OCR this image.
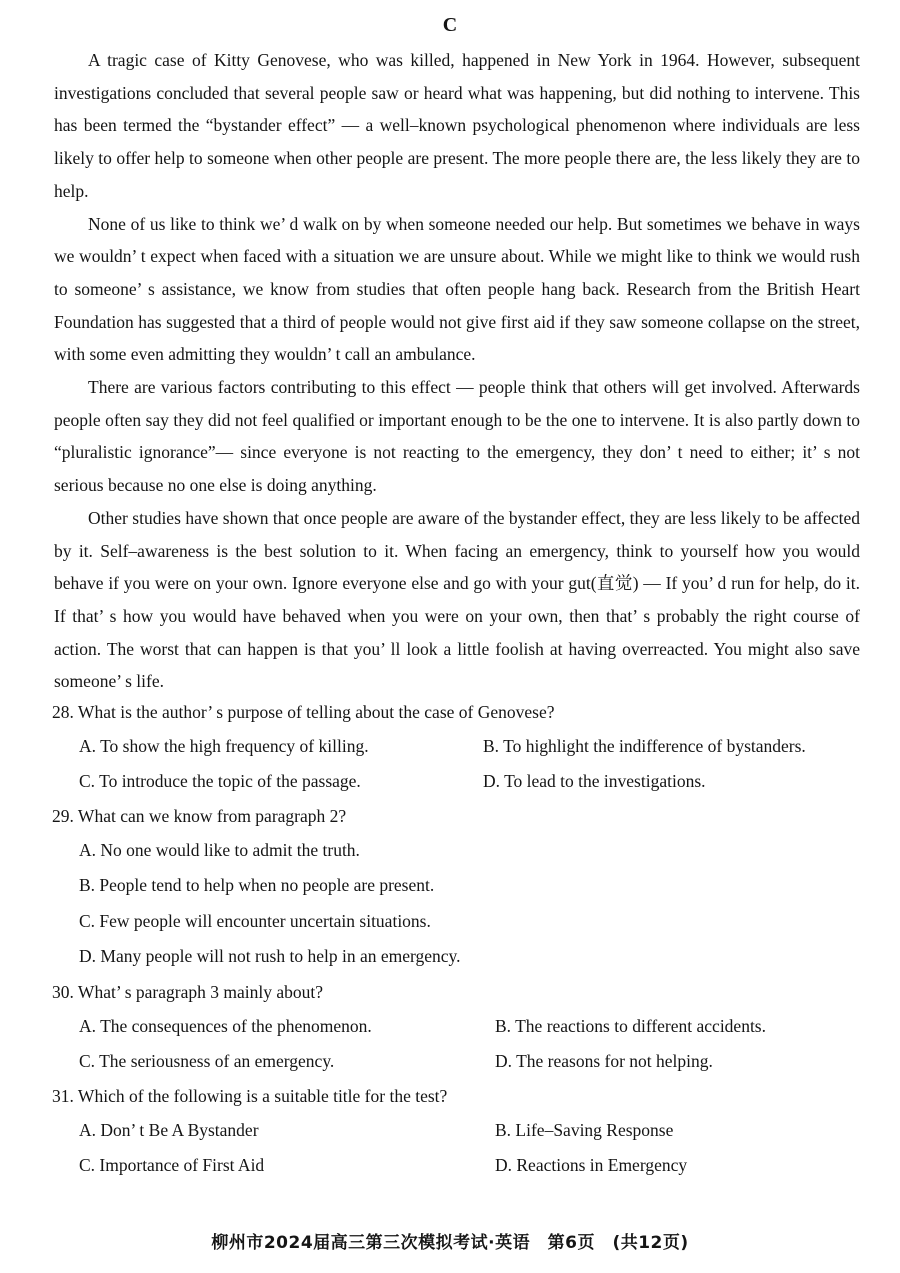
C

A tragic case of Kitty Genovese, who was killed, happened in New York in 1964. However, subsequent investigations concluded that several people saw or heard what was happening, but did nothing to intervene. This has been termed the “bystander effect” — a well–known psychological phenomenon where individuals are less likely to offer help to someone when other people are present. The more people there are, the less likely they are to help.

None of us like to think we’ d walk on by when someone needed our help. But sometimes we behave in ways we wouldn’ t expect when faced with a situation we are unsure about. While we might like to think we would rush to someone’ s assistance, we know from studies that often people hang back. Research from the British Heart Foundation has suggested that a third of people would not give first aid if they saw someone collapse on the street, with some even admitting they wouldn’ t call an ambulance.

There are various factors contributing to this effect — people think that others will get involved. Afterwards people often say they did not feel qualified or important enough to be the one to intervene. It is also partly down to “pluralistic ignorance”— since everyone is not reacting to the emergency, they don’ t need to either; it’ s not serious because no one else is doing anything.

Other studies have shown that once people are aware of the bystander effect, they are less likely to be affected by it. Self–awareness is the best solution to it. When facing an emergency, think to yourself how you would behave if you were on your own. Ignore everyone else and go with your gut(直觉) — If you’ d run for help, do it. If that’ s how you would have behaved when you were on your own, then that’ s probably the right course of action. The worst that can happen is that you’ ll look a little foolish at having overreacted. You might also save someone’ s life.

28. What is the author’ s purpose of telling about the case of Genovese?
A. To show the high frequency of killing.	B. To highlight the indifference of bystanders.
C. To introduce the topic of the passage.	D. To lead to the investigations.
29. What can we know from paragraph 2?
A. No one would like to admit the truth.
B. People tend to help when no people are present.
C. Few people will encounter uncertain situations.
D. Many people will not rush to help in an emergency.
30. What’ s paragraph 3 mainly about?
A. The consequences of the phenomenon.	B. The reactions to different accidents.
C. The seriousness of an emergency.	D. The reasons for not helping.
31. Which of the following is a suitable title for the test?
A. Don’ t Be A Bystander	B. Life–Saving Response
C. Importance of First Aid	D. Reactions in Emergency
柳州市2024届高三第三次模拟考试·英语　第6页　(共12页)
